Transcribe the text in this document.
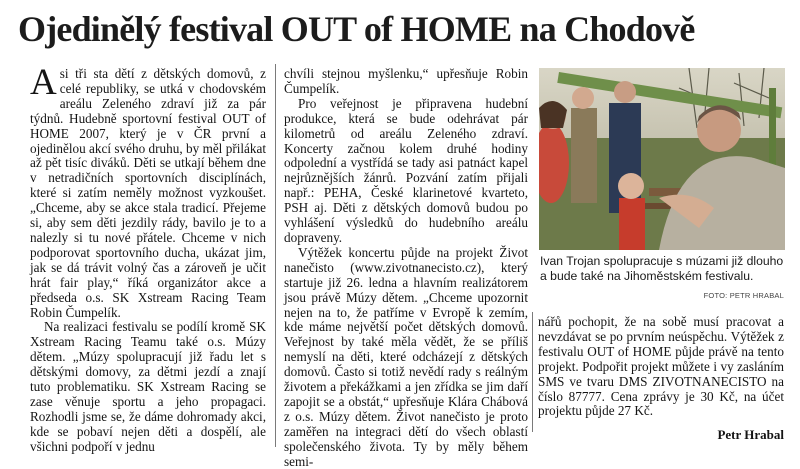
Ojedinělý festival OUT of HOME na Chodově

Asi tři sta dětí z dětských domovů, z celé republiky, se utká v chodovském areálu Zeleného zdraví již za pár týdnů. Hudebně sportovní festival OUT of HOME 2007, který je v ČR první a ojedinělou akcí svého druhu, by měl přilákat až pět tisíc diváků. Děti se utkají během dne v netradičních sportovních disciplínách, které si zatím neměly možnost vyzkoušet. „Chceme, aby se akce stala tradicí. Přejeme si, aby sem děti jezdily rády, bavilo je to a nalezly si tu nové přátele. Chceme v nich podporovat sportovního ducha, ukázat jim, jak se dá trávit volný čas a zároveň je učit hrát fair play,“ říká organizátor akce a předseda o.s. SK Xstream Racing Team Robin Čumpelík.

Na realizaci festivalu se podílí kromě SK Xstream Racing Teamu také o.s. Múzy dětem. „Múzy spolupracují již řadu let s dětskými domovy, za dětmi jezdí a znají tuto problematiku. SK Xstream Racing se zase věnuje sportu a jeho propagaci. Rozhodli jsme se, že dáme dohromady akci, kde se pobaví nejen děti a dospělí, ale všichni podpoří v jednu

chvíli stejnou myšlenku,“ upřesňuje Robin Čumpelík.

Pro veřejnost je připravena hudební produkce, která se bude odehrávat pár kilometrů od areálu Zeleného zdraví. Koncerty začnou kolem druhé hodiny odpolední a vystřídá se tady asi patnáct kapel nejrůznějších žánrů. Pozvání zatím přijali např.: PEHA, České klarinetové kvarteto, PSH aj. Děti z dětských domovů budou po vyhlášení výsledků do hudebního areálu dopraveny.

Výtěžek koncertu půjde na projekt Život nanečisto (www.zivotnanecisto.cz), který startuje již 26. ledna a hlavním realizátorem jsou právě Múzy dětem. „Chceme upozornit nejen na to, že patříme v Evropě k zemím, kde máme největší počet dětských domovů. Veřejnost by také měla vědět, že se příliš nemyslí na děti, které odcházejí z dětských domovů. Často si totiž nevědí rady s reálným životem a překážkami a jen zřídka se jim daří zapojit se a obstát,“ upřesňuje Klára Chábová z o.s. Múzy dětem. Život nanečisto je proto zaměřen na integraci dětí do všech oblastí společenského života. Ty by měly během semi-

Ivan Trojan spolupracuje s múzami již dlouho a bude také na Jihoměstském festivalu.
FOTO: PETR HRABAL

nářů pochopit, že na sobě musí pracovat a nevzdávat se po prvním neúspěchu. Výtěžek z festivalu OUT of HOME půjde právě na tento projekt. Podpořit projekt můžete i vy zasláním SMS ve tvaru DMS ZIVOTNANECISTO na číslo 87777. Cena zprávy je 30 Kč, na účet projektu půjde 27 Kč.

Petr Hrabal
